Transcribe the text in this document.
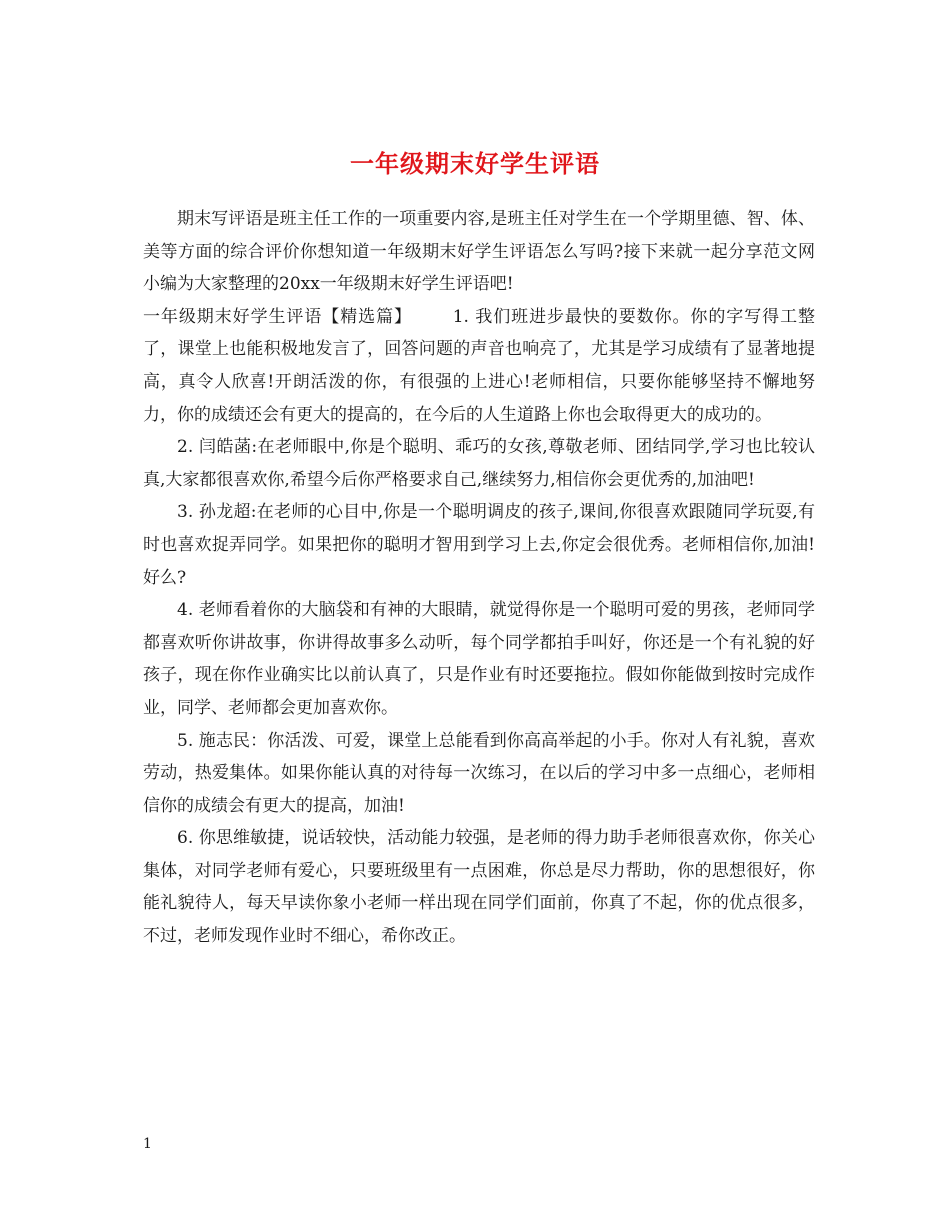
一年级期末好学生评语

期末写评语是班主任工作的一项重要内容,是班主任对学生在一个学期里德、智、体、美等方面的综合评价你想知道一年级期末好学生评语怎么写吗?接下来就一起分享范文网小编为大家整理的20xx一年级期末好学生评语吧!

一年级期末好学生评语【精选篇】 1. 我们班进步最快的要数你。你的字写得工整了，课堂上也能积极地发言了，回答问题的声音也响亮了，尤其是学习成绩有了显著地提高，真令人欣喜!开朗活泼的你，有很强的上进心!老师相信，只要你能够坚持不懈地努力，你的成绩还会有更大的提高的，在今后的人生道路上你也会取得更大的成功的。

2. 闫皓菡:在老师眼中,你是个聪明、乖巧的女孩,尊敬老师、团结同学,学习也比较认真,大家都很喜欢你,希望今后你严格要求自己,继续努力,相信你会更优秀的,加油吧!

3. 孙龙超:在老师的心目中,你是一个聪明调皮的孩子,课间,你很喜欢跟随同学玩耍,有时也喜欢捉弄同学。如果把你的聪明才智用到学习上去,你定会很优秀。老师相信你,加油!好么?

4. 老师看着你的大脑袋和有神的大眼睛，就觉得你是一个聪明可爱的男孩，老师同学都喜欢听你讲故事，你讲得故事多么动听，每个同学都拍手叫好，你还是一个有礼貌的好孩子，现在你作业确实比以前认真了，只是作业有时还要拖拉。假如你能做到按时完成作业，同学、老师都会更加喜欢你。

5. 施志民：你活泼、可爱，课堂上总能看到你高高举起的小手。你对人有礼貌，喜欢劳动，热爱集体。如果你能认真的对待每一次练习，在以后的学习中多一点细心，老师相信你的成绩会有更大的提高，加油!

6. 你思维敏捷，说话较快，活动能力较强，是老师的得力助手老师很喜欢你，你关心集体，对同学老师有爱心，只要班级里有一点困难，你总是尽力帮助，你的思想很好，你能礼貌待人，每天早读你象小老师一样出现在同学们面前，你真了不起，你的优点很多，不过，老师发现作业时不细心，希你改正。

1
